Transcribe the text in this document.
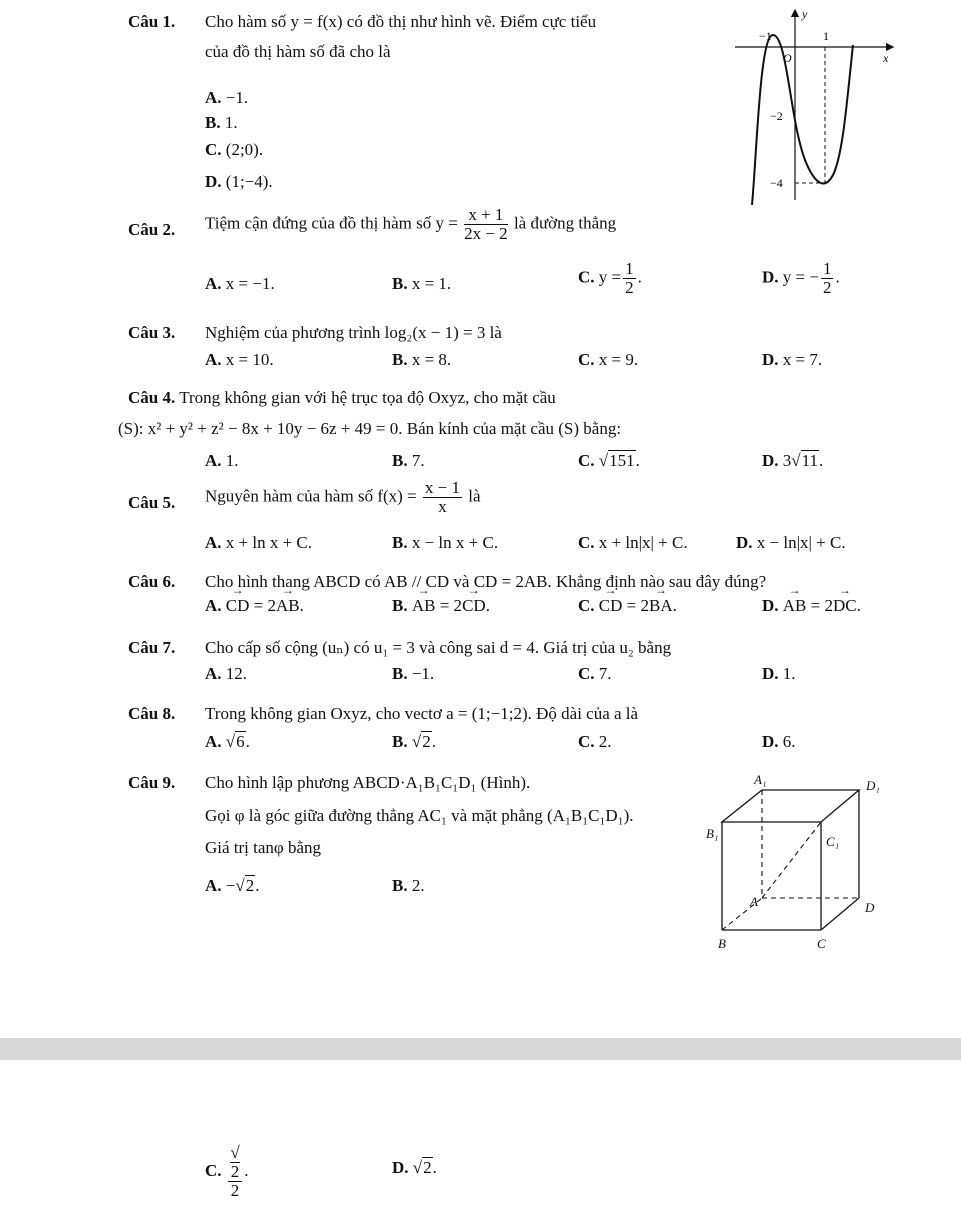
Câu 1. Cho hàm số y = f(x) có đồ thị như hình vẽ. Điểm cực tiểu
của đồ thị hàm số đã cho là
A. −1.
B. 1.
C. (2;0).
D. (1;−4).
y
x
O
−1	1
−2
−4
Câu 2. Tiệm cận đứng của đồ thị hàm số $y = \frac{x + 1}{2x - 2}$ là đường thẳng
A. x = −1.	B. x = 1.	C. $y = \frac{1}{2}$ .	D. y = − $\frac{1}{2}$ .
Câu 3. Nghiệm của phương trình log₂(x − 1) = 3 là
A. x = 10.	B. x = 8.	C. x = 9.	D. x = 7.
Câu 4. Trong không gian với hệ trục tọa độ Oxyz, cho mặt cầu
(S): x² + y² + z² − 8x + 10y − 6z + 49 = 0. Bán kính của mặt cầu (S) bằng:
A. 1.	B. 7.	C. √151.	D. 3√11.
Câu 5. Nguyên hàm của hàm số $f(x) = \frac{x - 1}{x}$ là
A. x + ln x + C.	B. x − ln x + C.	C. x + ln|x| + C.	D. x − ln|x| + C.
Câu 6. Cho hình thang ABCD có AB // CD và CD = 2AB. Khẳng định nào sau đây đúng?
A. → CD = 2→ AB.	B. → AB = 2→ CD.	C. → CD = 2→ BA.	D. → AB = 2→ DC.
Câu 7. Cho cấp số cộng (uₙ) có u₁ = 3 và công sai d = 4. Giá trị của u₂ bằng
A. 12.	B. −1.	C. 7.	D. 1.
Câu 8. Trong không gian Oxyz, cho vectơ a = (1;−1;2). Độ dài của a là
A. √6.	B. √2.	C. 2.	D. 6.
Câu 9. Cho hình lập phương ABCD·A₁B₁C₁D₁ (Hình).
Gọi φ là góc giữa đường thẳng AC₁ và mặt phẳng (A₁B₁C₁D₁).
Giá trị tanφ bằng
A. −√2.	B. 2.
A₁	D₁
B₁
C₁
A	D
B	C
C. √
2
2 .	D. √2.
